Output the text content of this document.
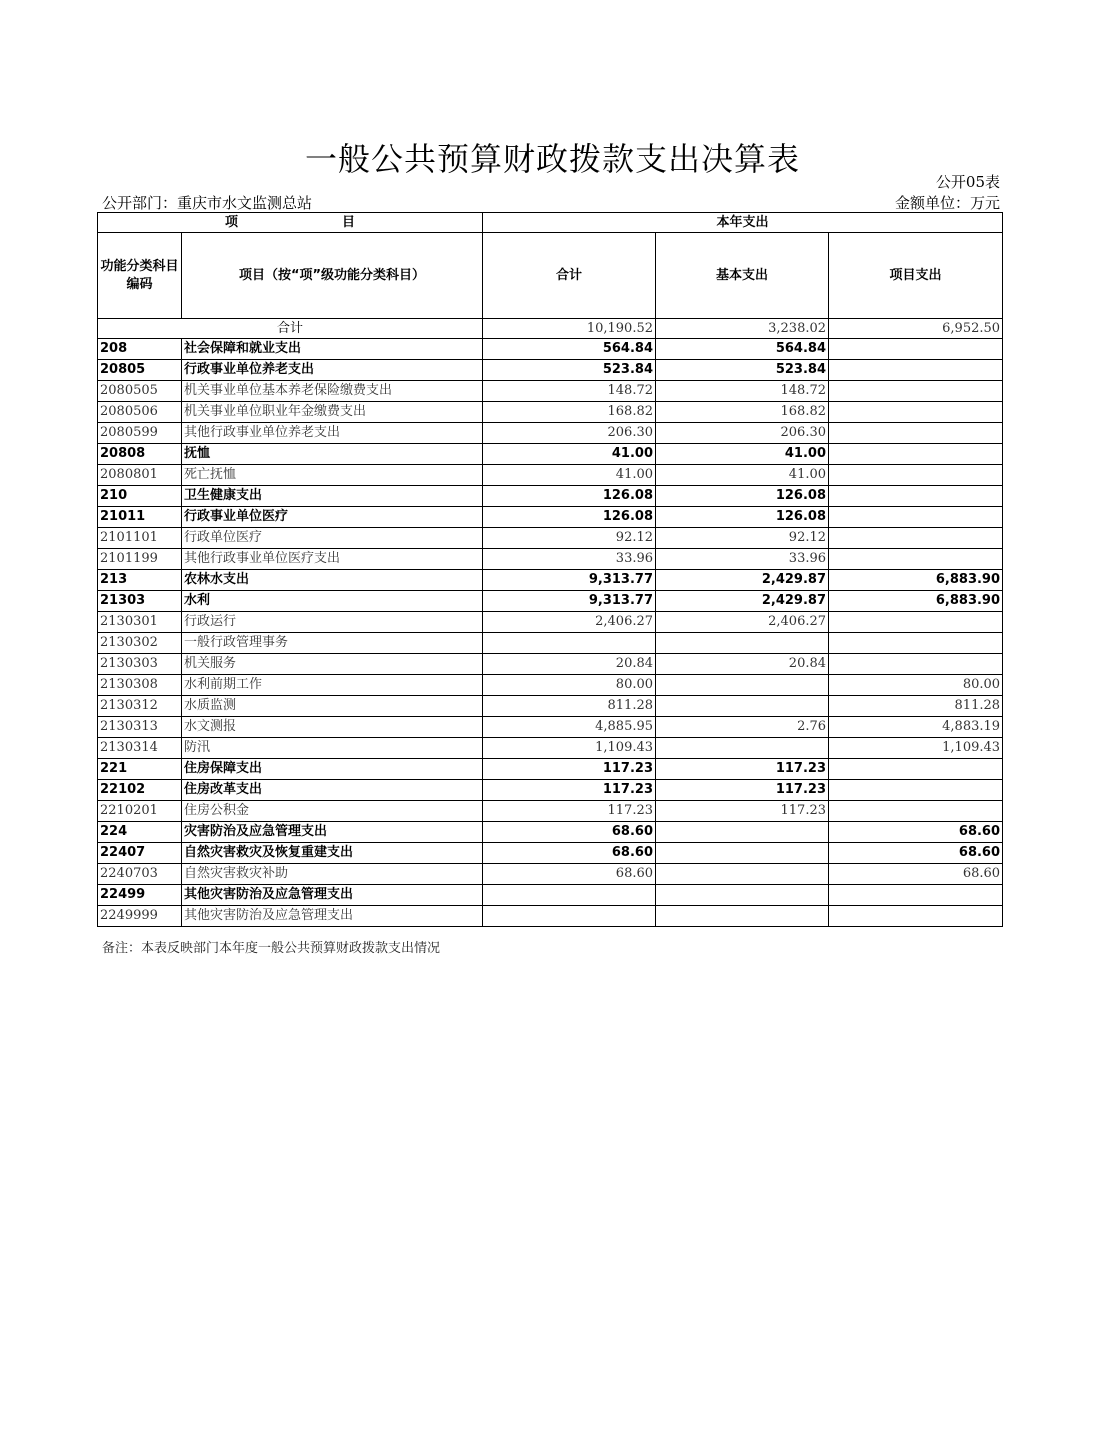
一般公共预算财政拨款支出决算表
公开05表
公开部门：重庆市水文监测总站	金额单位：万元
项　　　　　　　　目		本年支出		
功能分类科目编码	项目（按“项”级功能分类科目）	合计	基本支出	项目支出
合计		10,190.52	3,238.02	6,952.50
208	社会保障和就业支出	564.84	564.84	
20805	行政事业单位养老支出	523.84	523.84	
2080505	机关事业单位基本养老保险缴费支出	148.72	148.72	
2080506	机关事业单位职业年金缴费支出	168.82	168.82	
2080599	其他行政事业单位养老支出	206.30	206.30	
20808	抚恤	41.00	41.00	
2080801	死亡抚恤	41.00	41.00	
210	卫生健康支出	126.08	126.08	
21011	行政事业单位医疗	126.08	126.08	
2101101	行政单位医疗	92.12	92.12	
2101199	其他行政事业单位医疗支出	33.96	33.96	
213	农林水支出	9,313.77	2,429.87	6,883.90
21303	水利	9,313.77	2,429.87	6,883.90
2130301	行政运行	2,406.27	2,406.27	
2130302	一般行政管理事务			
2130303	机关服务	20.84	20.84	
2130308	水利前期工作	80.00		80.00
2130312	水质监测	811.28		811.28
2130313	水文测报	4,885.95	2.76	4,883.19
2130314	防汛	1,109.43		1,109.43
221	住房保障支出	117.23	117.23	
22102	住房改革支出	117.23	117.23	
2210201	住房公积金	117.23	117.23	
224	灾害防治及应急管理支出	68.60		68.60
22407	自然灾害救灾及恢复重建支出	68.60		68.60
2240703	自然灾害救灾补助	68.60		68.60
22499	其他灾害防治及应急管理支出			
2249999	其他灾害防治及应急管理支出			
备注：本表反映部门本年度一般公共预算财政拨款支出情况
